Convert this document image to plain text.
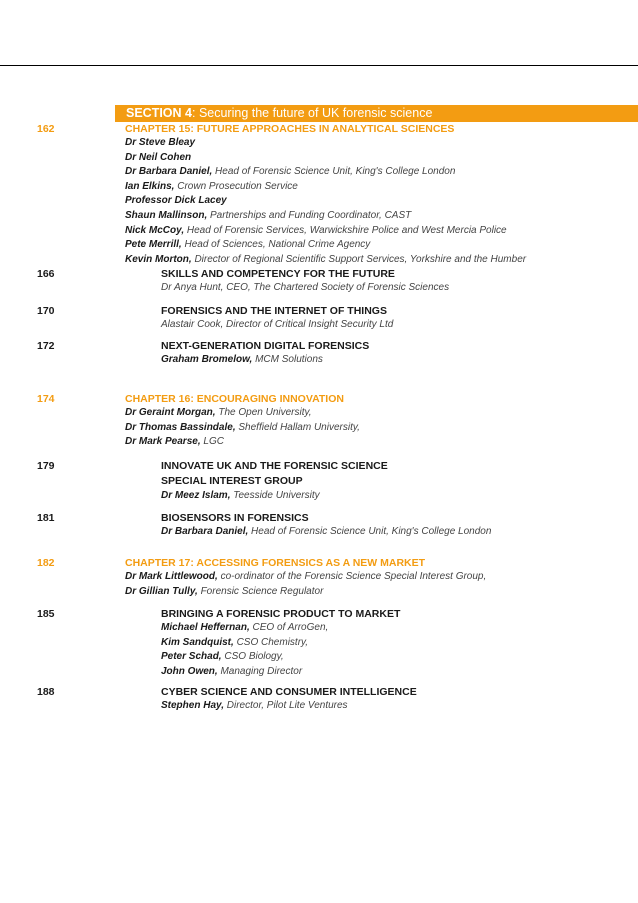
SECTION 4: Securing the future of UK forensic science
162	CHAPTER 15: FUTURE APPROACHES IN ANALYTICAL SCIENCES
Dr Steve Bleay
Dr Neil Cohen
Dr Barbara Daniel, Head of Forensic Science Unit, King's College London
Ian Elkins, Crown Prosecution Service
Professor Dick Lacey
Shaun Mallinson, Partnerships and Funding Coordinator, CAST
Nick McCoy, Head of Forensic Services, Warwickshire Police and West Mercia Police
Pete Merrill, Head of Sciences, National Crime Agency
Kevin Morton, Director of Regional Scientific Support Services, Yorkshire and the Humber
166	SKILLS AND COMPETENCY FOR THE FUTURE
Dr Anya Hunt, CEO, The Chartered Society of Forensic Sciences
170	FORENSICS AND THE INTERNET OF THINGS
Alastair Cook, Director of Critical Insight Security Ltd
172	NEXT-GENERATION DIGITAL FORENSICS
Graham Bromelow, MCM Solutions
174	CHAPTER 16: ENCOURAGING INNOVATION
Dr Geraint Morgan, The Open University,
Dr Thomas Bassindale, Sheffield Hallam University,
Dr Mark Pearse, LGC
179	INNOVATE UK AND THE FORENSIC SCIENCE
SPECIAL INTEREST GROUP
Dr Meez Islam, Teesside University
181	BIOSENSORS IN FORENSICS
Dr Barbara Daniel, Head of Forensic Science Unit, King's College London
182	CHAPTER 17: ACCESSING FORENSICS AS A NEW MARKET
Dr Mark Littlewood, co-ordinator of the Forensic Science Special Interest Group,
Dr Gillian Tully, Forensic Science Regulator
185	BRINGING A FORENSIC PRODUCT TO MARKET
Michael Heffernan, CEO of ArroGen,
Kim Sandquist, CSO Chemistry,
Peter Schad, CSO Biology,
John Owen, Managing Director
188	CYBER SCIENCE AND CONSUMER INTELLIGENCE
Stephen Hay, Director, Pilot Lite Ventures
